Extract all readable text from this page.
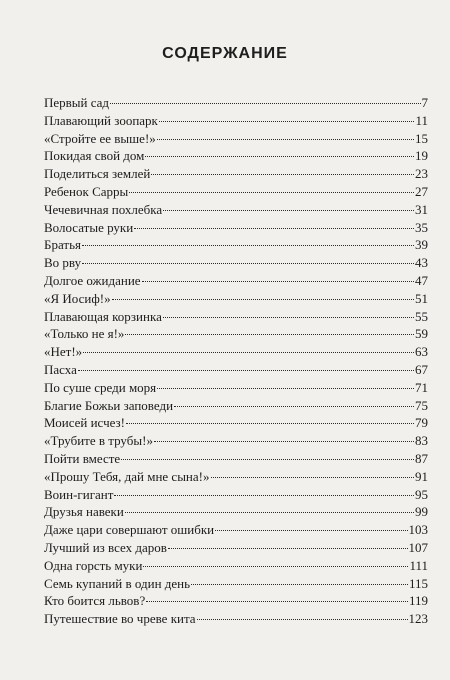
СОДЕРЖАНИЕ
Первый сад	7
Плавающий зоопарк	11
«Стройте ее выше!»	15
Покидая свой дом	19
Поделиться землей	23
Ребенок Сарры	27
Чечевичная похлебка	31
Волосатые руки	35
Братья	39
Во рву	43
Долгое ожидание	47
«Я Иосиф!»	51
Плавающая корзинка	55
«Только не я!»	59
«Нет!»	63
Пасха	67
По суше среди моря	71
Благие Божьи заповеди	75
Моисей исчез!	79
«Трубите в трубы!»	83
Пойти вместе	87
«Прошу Тебя, дай мне сына!»	91
Воин-гигант	95
Друзья навеки	99
Даже цари совершают ошибки	103
Лучший из всех даров	107
Одна горсть муки	111
Семь купаний в один день	115
Кто боится львов?	119
Путешествие во чреве кита	123
